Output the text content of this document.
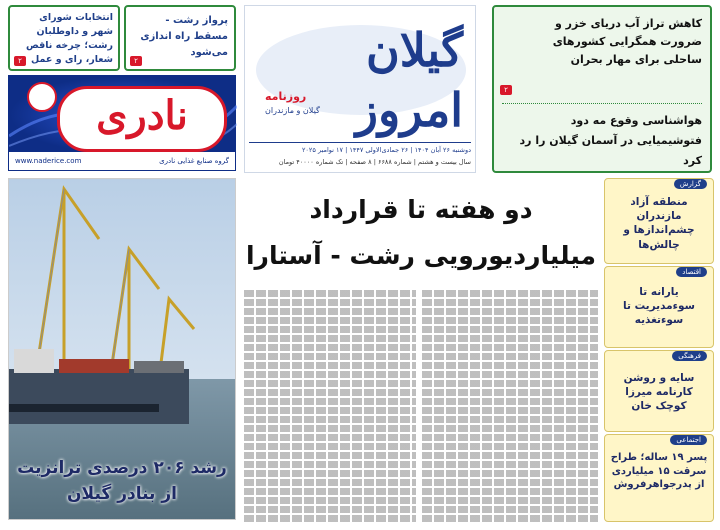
انتخابات شورای شهر و داوطلبان رشت؛ چرخه ناقص شعار، رای و عمل
۲
پرواز رشت - مسقط راه اندازی می‌شود
۲
نادری
www.naderice.com	گروه صنایع غذایی نادری
گیلان امروز
روزنامه
گیلان و مازندران
دوشنبه ۲۶ آبان ۱۴۰۴ | ۲۶ جمادی‌الاولی ۱۴۴۷ | ۱۷ نوامبر ۲۰۲۵
سال بیست و هشتم | شماره ۶۶۸۸ | ۸ صفحه | تک شماره ۴۰۰۰۰ تومان
کاهش تراز آب دریای خزر و ضرورت همگرایی کشورهای ساحلی برای مهار بحران
۲
هواشناسی وقوع مه دود فتوشیمیایی در آسمان گیلان را رد کرد
رشد ۲۰۶ درصدی ترانزیت
از بنادر گیلان
دو هفته تا قرارداد
میلیاردیورویی رشت - آستارا
گزارش
منطقه آزاد مازندران چشم‌اندازها و چالش‌ها
اقتصاد
یارانه تا سوءمدیریت تا سوءتغذیه
فرهنگی
سایه و روشن کارنامه میرزا کوچک خان
اجتماعی
پسر ۱۹ ساله؛ طراح سرقت ۱۵ میلیاردی از پدرجواهرفروش
